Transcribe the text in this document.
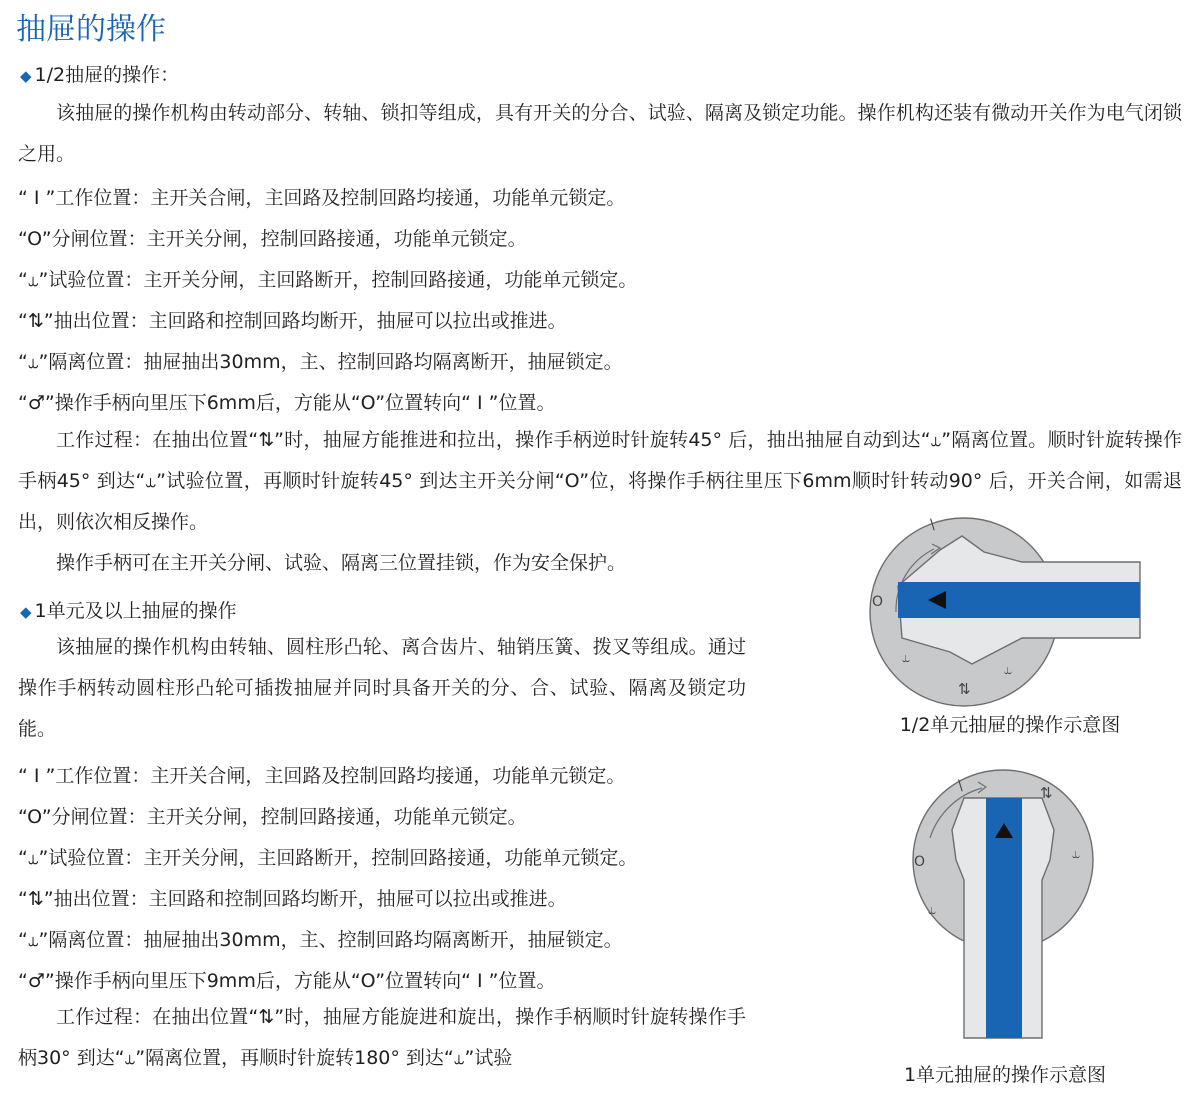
抽屉的操作
◆ 1/2抽屉的操作：

该抽屉的操作机构由转动部分、转轴、锁扣等组成，具有开关的分合、试验、隔离及锁定功能。操作机构还装有微动开关作为电气闭锁之用。

“ I ”工作位置：主开关合闸，主回路及控制回路均接通，功能单元锁定。
“O”分闸位置：主开关分闸，控制回路接通，功能单元锁定。
“⥿”试验位置：主开关分闸，主回路断开，控制回路接通，功能单元锁定。
“⇅”抽出位置：主回路和控制回路均断开，抽屉可以拉出或推进。
“⥿”隔离位置：抽屉抽出30mm，主、控制回路均隔离断开，抽屉锁定。
“♂”操作手柄向里压下6mm后，方能从“O”位置转向“ I ”位置。

工作过程：在抽出位置“⇅”时，抽屉方能推进和拉出，操作手柄逆时针旋转45° 后，抽出抽屉自动到达“⥿”隔离位置。顺时针旋转操作手柄45° 到达“⥿”试验位置，再顺时针旋转45° 到达主开关分闸“O”位，将操作手柄往里压下6mm顺时针转动90° 后，开关合闸，如需退出，则依次相反操作。

操作手柄可在主开关分闸、试验、隔离三位置挂锁，作为安全保护。

◆ 1单元及以上抽屉的操作

该抽屉的操作机构由转轴、圆柱形凸轮、离合齿片、轴销压簧、拨叉等组成。通过操作手柄转动圆柱形凸轮可插拨抽屉并同时具备开关的分、合、试验、隔离及锁定功能。

“ I ”工作位置：主开关合闸，主回路及控制回路均接通，功能单元锁定。
“O”分闸位置：主开关分闸，控制回路接通，功能单元锁定。
“⥿”试验位置：主开关分闸，主回路断开，控制回路接通，功能单元锁定。
“⇅”抽出位置：主回路和控制回路均断开，抽屉可以拉出或推进。
“⥿”隔离位置：抽屉抽出30mm，主、控制回路均隔离断开，抽屉锁定。
“♂”操作手柄向里压下9mm后，方能从“O”位置转向“ I ”位置。

工作过程：在抽出位置“⇅”时，抽屉方能旋进和旋出，操作手柄顺时针旋转操作手柄30° 到达“⥿”隔离位置，再顺时针旋转180° 到达“⥿”试验

\
O
⥿
⥿
⇅
1/2单元抽屉的操作示意图
\
O
⥿
⥿
⇅
1单元抽屉的操作示意图
